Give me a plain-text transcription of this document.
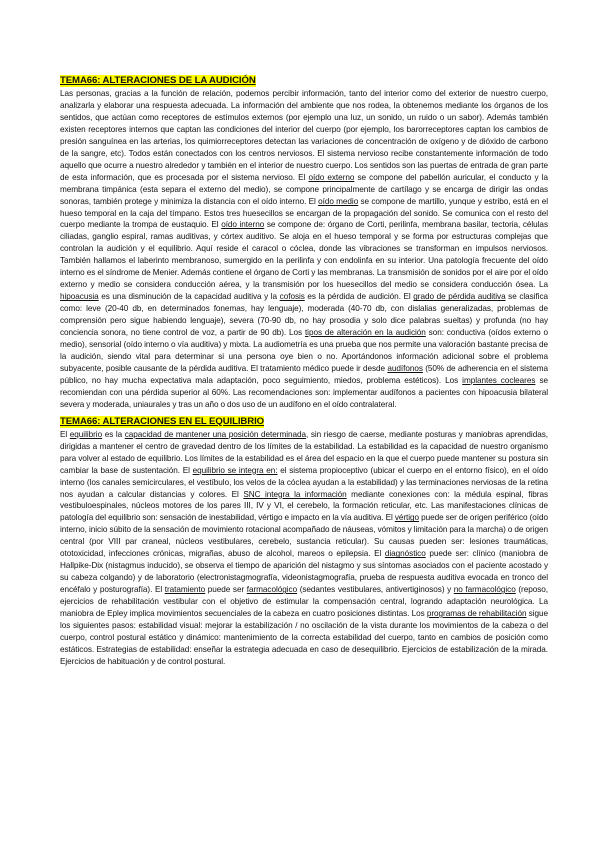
TEMA66: ALTERACIONES DE LA AUDICIÓN

Las personas, gracias a la función de relación, podemos percibir información, tanto del interior como del exterior de nuestro cuerpo, analizarla y elaborar una respuesta adecuada. La información del ambiente que nos rodea, la obtenemos mediante los órganos de los sentidos, que actúan como receptores de estímulos externos (por ejemplo una luz, un sonido, un ruido o un sabor). Además también existen receptores internos que captan las condiciones del interior del cuerpo (por ejemplo, los barorreceptores captan los cambios de presión sanguínea en las arterias, los quimiorreceptores detectan las variaciones de concentración de oxígeno y de dióxido de carbono de la sangre, etc). Todos están conectados con los centros nerviosos. El sistema nervioso recibe constantemente información de todo aquello que ocurre a nuestro alrededor y también en el interior de nuestro cuerpo. Los sentidos son las puertas de entrada de gran parte de esta información, que es procesada por el sistema nervioso. El oído externo se compone del pabellón auricular, el conducto y la membrana timpánica (esta separa el externo del medio), se compone principalmente de cartílago y se encarga de dirigir las ondas sonoras, también protege y minimiza la distancia con el oído interno. El oído medio se compone de martillo, yunque y estribo, está en el hueso temporal en la caja del tímpano. Estos tres huesecillos se encargan de la propagación del sonido. Se comunica con el resto del cuerpo mediante la trompa de eustaquio. El oído interno se compone de: órgano de Corti, perilinfa, membrana basilar, tectoria, células ciliadas, ganglio espiral, ramas auditivas, y córtex auditivo. Se aloja en el hueso temporal y se forma por estructuras complejas que controlan la audición y el equilibrio. Aquí reside el caracol o cóclea, donde las vibraciones se transforman en impulsos nerviosos. También hallamos el laberinto membranoso, sumergido en la perilinfa y con endolinfa en su interior. Una patología frecuente del oído interno es el síndrome de Menier. Además contiene el órgano de Corti y las membranas. La transmisión de sonidos por el aire por el oído externo y medio se considera conducción aérea, y la transmisión por los huesecillos del medio se considera conducción ósea. La hipoacusia es una disminución de la capacidad auditiva y la cofosis es la pérdida de audición. El grado de pérdida auditiva se clasifica como: leve (20-40 db, en determinados fonemas, hay lenguaje), moderada (40-70 db, con dislalias generalizadas, problemas de comprensión pero sigue habiendo lenguaje), severa (70-90 db, no hay prosodia y solo dice palabras sueltas) y profunda (no hay conciencia sonora, no tiene control de voz, a partir de 90 db). Los tipos de alteración en la audición son: conductiva (oídos externo o medio), sensorial (oído interno o vía auditiva) y mixta. La audiometría es una prueba que nos permite una valoración bastante precisa de la audición, siendo vital para determinar si una persona oye bien o no. Aportándonos información adicional sobre el problema subyacente, posible causante de la pérdida auditiva. El tratamiento médico puede ir desde audífonos (50% de adherencia en el sistema público, no hay mucha expectativa mala adaptación, poco seguimiento, miedos, problema estéticos). Los implantes cocleares se recomiendan con una pérdida superior al 60%. Las recomendaciones son: implementar audífonos a pacientes con hipoacusia bilateral severa y moderada, uniaurales y tras un año o dos uso de un audífono en el oído contralateral.

TEMA66: ALTERACIONES EN EL EQUILIBRIO

El equilibrio es la capacidad de mantener una posición determinada, sin riesgo de caerse, mediante posturas y maniobras aprendidas, dirigidas a mantener el centro de gravedad dentro de los límites de la estabilidad. La estabilidad es la capacidad de nuestro organismo para volver al estado de equilibrio. Los límites de la estabilidad es el área del espacio en la que el cuerpo puede mantener su postura sin cambiar la base de sustentación. El equilibrio se integra en: el sistema propioceptivo (ubicar el cuerpo en el entorno físico), en el oído interno (los canales semicirculares, el vestíbulo, los velos de la cóclea ayudan a la estabilidad) y las terminaciones nerviosas de la retina nos ayudan a calcular distancias y colores. El SNC integra la información mediante conexiones con: la médula espinal, fibras vestibuloespinales, núcleos motores de los pares III, IV y VI, el cerebelo, la formación reticular, etc. Las manifestaciones clínicas de patología del equilibrio son: sensación de inestabilidad, vértigo e impacto en la vía auditiva. El vértigo puede ser de origen periférico (oído interno, inicio súbito de la sensación de movimiento rotacional acompañado de náuseas, vómitos y limitación para la marcha) o de origen central (por VIII par craneal, núcleos vestibulares, cerebelo, sustancia reticular). Su causas pueden ser: lesiones traumáticas, ototoxicidad, infecciones crónicas, migrañas, abuso de alcohol, mareos o epilepsia. El diagnóstico puede ser: clínico (maniobra de Hallpike-Dix (nistagmus inducido), se observa el tiempo de aparición del nistagmo y sus síntomas asociados con el paciente acostado y su cabeza colgando) y de laboratorio (electronistagmografía, videonistagmografía, prueba de respuesta auditiva evocada en tronco del encéfalo y posturografía). El tratamiento puede ser farmacológico (sedantes vestibulares, antivertiginosos) y no farmacológico (reposo, ejercicios de rehabilitación vestibular con el objetivo de estimular la compensación central, logrando adaptación neurológica. La maniobra de Epley implica movimientos secuenciales de la cabeza en cuatro posiciones distintas. Los programas de rehabilitación sigue los siguientes pasos: estabilidad visual: mejorar la estabilización / no oscilación de la vista durante los movimientos de la cabeza o del cuerpo, control postural estático y dinámico: mantenimiento de la correcta estabilidad del cuerpo, tanto en cambios de posición como estáticos. Estrategias de estabilidad: enseñar la estrategia adecuada en caso de desequilibrio. Ejercicios de estabilización de la mirada. Ejercicios de habituación y de control postural.
